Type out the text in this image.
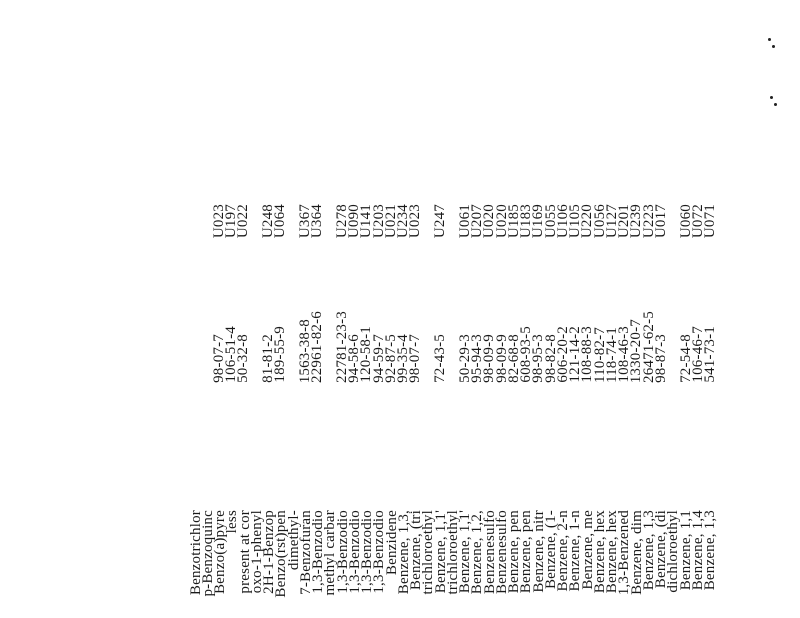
U071
U072
U060
U017
U223
U239
U201
U127
U056
U220
U105
U106
U055
U169
U183
U185
U020
U020
U207
U061
U247
U023
U234
U021
U203
U141
U090
U278
U364
U367
U064
U248
U022
U197
U023
541-73-1
106-46-7
72-54-8
98-87-3
26471-62-5
1330-20-7
108-46-3
118-74-1
110-82-7
108-88-3
121-14-2
606-20-2
98-82-8
98-95-3
608-93-5
82-68-8
98-09-9
98-09-9
95-94-3
50-29-3
72-43-5
98-07-7
99-35-4
92-87-5
94-59-7
120-58-1
94-58-6
22781-23-3
22961-82-6
1563-38-8
189-55-9
81-81-2
50-32-8
106-51-4
98-07-7
Benzene, 1,3
Benzene, 1,4
Benzene, 1,1
dichloroethyl
Benzene, (di
Benzene, 1,3
Benzene, dim
1,3-Benzened
Benzene, hex
Benzene, hex
Benzene, me
Benzene, 1-n
Benzene, 2-n
Benzene, (1-
Benzene, nitr
Benzene, pen
Benzene, pen
Benzenesulfo
Benzenesulfo
Benzene, 1,2,
Benzene, 1,1'
trichloroethyl
Benzene, 1,1'
trichloroethyl
Benzene, (tri
Benzene, 1,3,
Benzidene
1,3-Benzodio
1,3-Benzodio
1,3-Benzodio
1,3-Benzodio
methyl carbar
1,3-Benzodio
7-Benzofuran
dimethyl-
Benzo(rst)pen
2H-1-Benzop
oxo-1-phenyl
present at cor
less
Benzo(a)pyre
p-Benzoquinc
Benzotrichlor
